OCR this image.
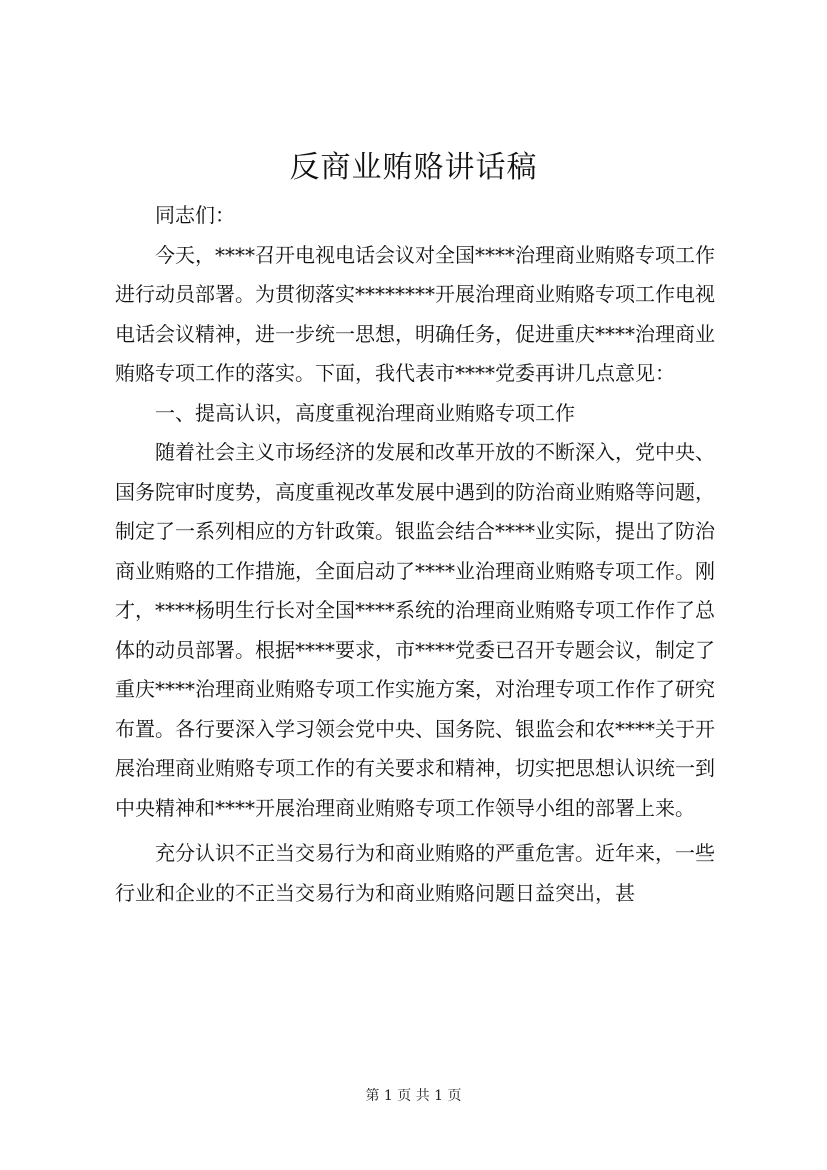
反商业贿赂讲话稿

同志们：

今天，****召开电视电话会议对全国****治理商业贿赂专项工作进行动员部署。为贯彻落实********开展治理商业贿赂专项工作电视电话会议精神，进一步统一思想，明确任务，促进重庆****治理商业贿赂专项工作的落实。下面，我代表市****党委再讲几点意见：

一、提高认识，高度重视治理商业贿赂专项工作

随着社会主义市场经济的发展和改革开放的不断深入，党中央、国务院审时度势，高度重视改革发展中遇到的防治商业贿赂等问题，制定了一系列相应的方针政策。银监会结合****业实际，提出了防治商业贿赂的工作措施，全面启动了****业治理商业贿赂专项工作。刚才，****杨明生行长对全国****系统的治理商业贿赂专项工作作了总体的动员部署。根据****要求，市****党委已召开专题会议，制定了重庆****治理商业贿赂专项工作实施方案，对治理专项工作作了研究布置。各行要深入学习领会党中央、国务院、银监会和农****关于开展治理商业贿赂专项工作的有关要求和精神，切实把思想认识统一到中央精神和****开展治理商业贿赂专项工作领导小组的部署上来。

充分认识不正当交易行为和商业贿赂的严重危害。近年来，一些行业和企业的不正当交易行为和商业贿赂问题日益突出，甚

第 1 页 共 1 页
